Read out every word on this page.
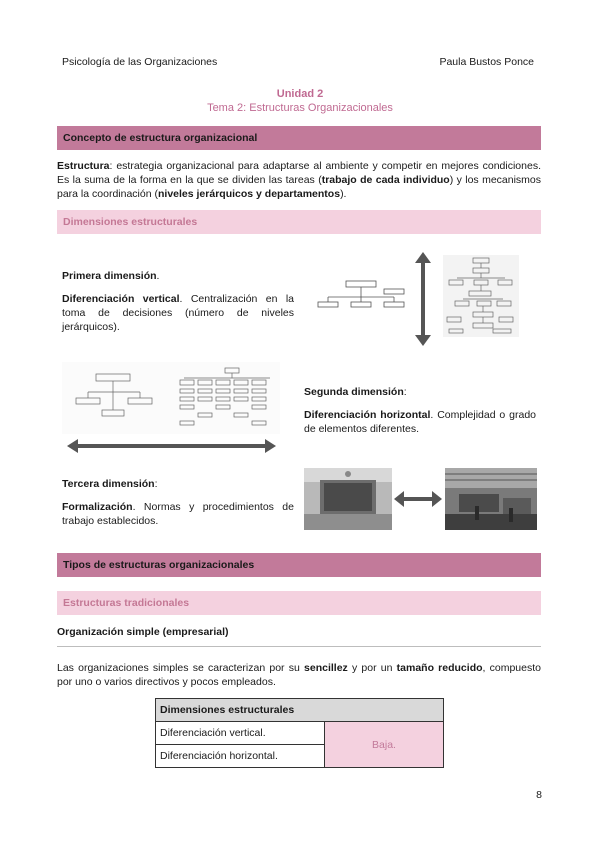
Psicología de las Organizaciones	Paula Bustos Ponce
Unidad 2
Tema 2: Estructuras Organizacionales
Concepto de estructura organizacional
Estructura: estrategia organizacional para adaptarse al ambiente y competir en mejores condiciones. Es la suma de la forma en la que se dividen las tareas (trabajo de cada individuo) y los mecanismos para la coordinación (niveles jerárquicos y departamentos).
Dimensiones estructurales
Primera dimensión.
Diferenciación vertical. Centralización en la toma de decisiones (número de niveles jerárquicos).
Segunda dimensión:
Diferenciación horizontal. Complejidad o grado de elementos diferentes.
Tercera dimensión:
Formalización. Normas y procedimientos de trabajo establecidos.
Tipos de estructuras organizacionales
Estructuras tradicionales
Organización simple (empresarial)
Las organizaciones simples se caracterizan por su sencillez y por un tamaño reducido, compuesto por uno o varios directivos y pocos empleados.
Dimensiones estructurales
Diferenciación vertical.	Baja.
Diferenciación horizontal.
8
